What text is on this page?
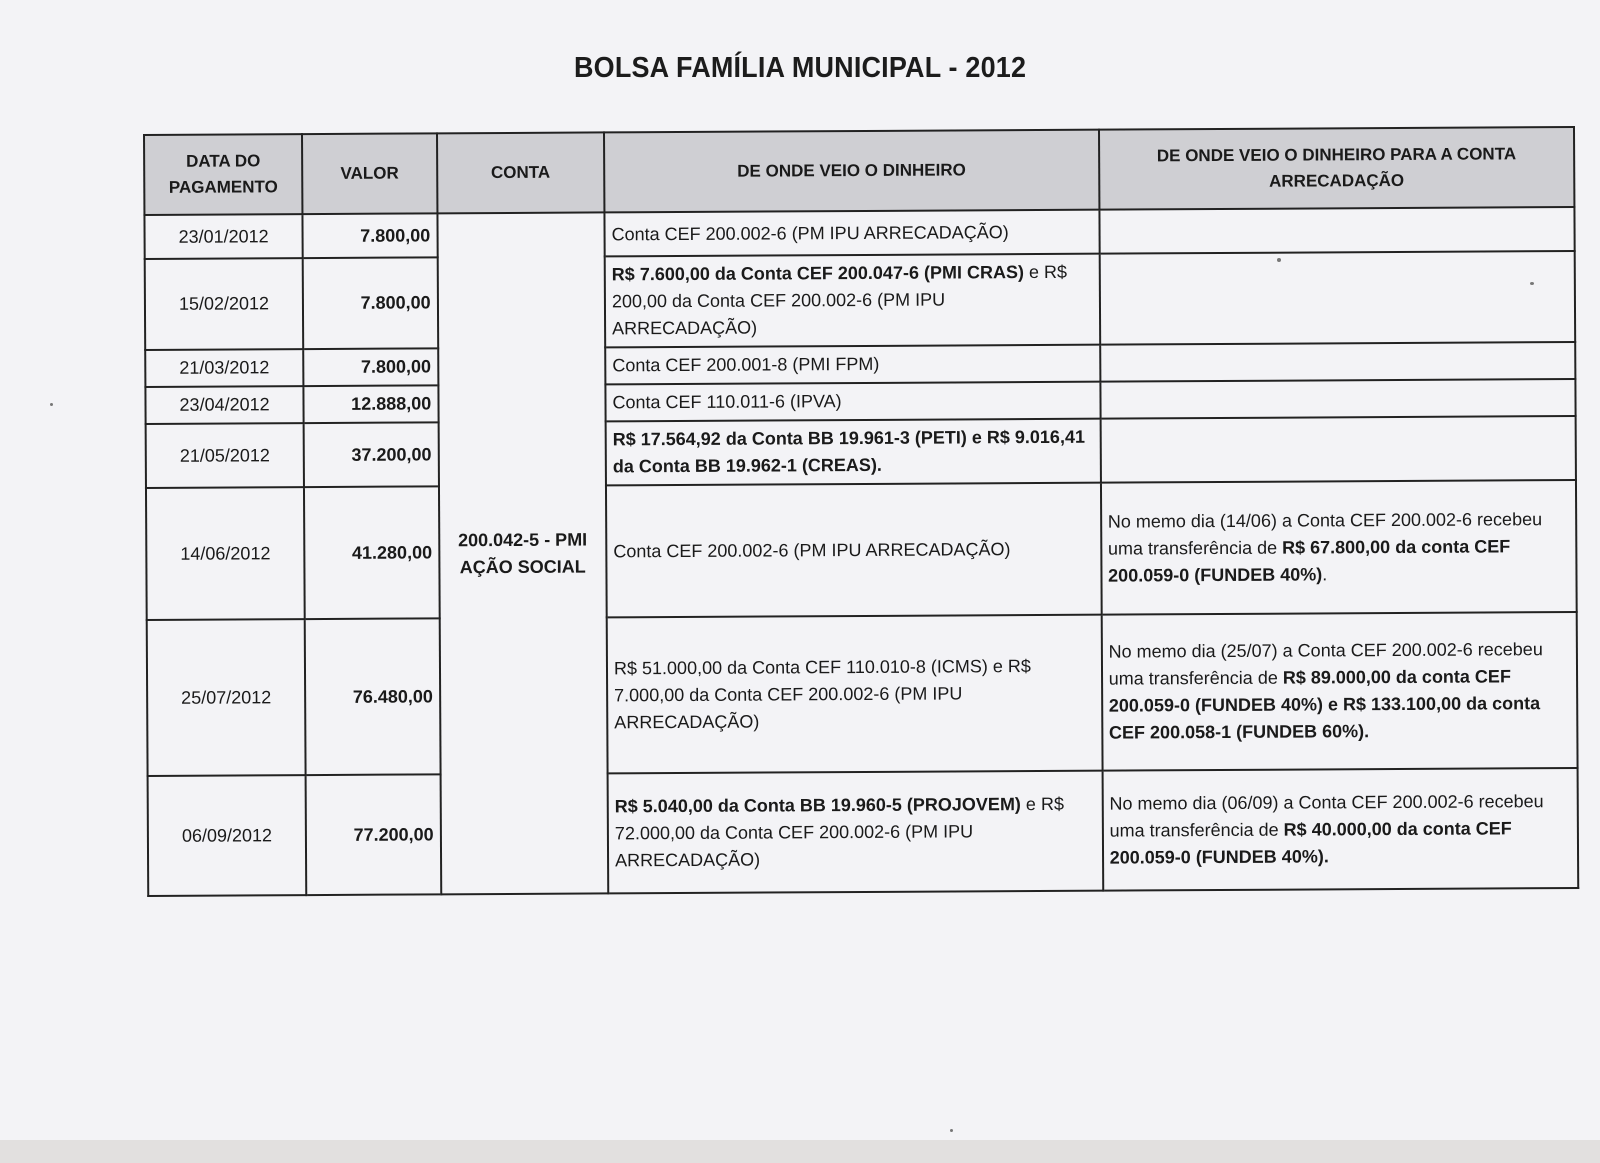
BOLSA FAMÍLIA MUNICIPAL - 2012
DATA DO PAGAMENTO	VALOR	CONTA	DE ONDE VEIO O DINHEIRO	DE ONDE VEIO O DINHEIRO PARA A CONTA ARRECADAÇÃO
23/01/2012	7.800,00	200.042-5 - PMI AÇÃO SOCIAL	Conta CEF 200.002-6 (PM IPU ARRECADAÇÃO)	
15/02/2012	7.800,00		R$ 7.600,00 da Conta CEF 200.047-6 (PMI CRAS) e R$ 200,00 da Conta CEF 200.002-6 (PM IPU ARRECADAÇÃO)	
21/03/2012	7.800,00		Conta CEF 200.001-8 (PMI FPM)	
23/04/2012	12.888,00		Conta CEF 110.011-6 (IPVA)	
21/05/2012	37.200,00		R$ 17.564,92 da Conta BB 19.961-3 (PETI) e R$ 9.016,41 da Conta BB 19.962-1 (CREAS).	
14/06/2012	41.280,00		Conta CEF 200.002-6 (PM IPU ARRECADAÇÃO)	No memo dia (14/06) a Conta CEF 200.002-6 recebeu uma transferência de R$ 67.800,00 da conta CEF 200.059-0 (FUNDEB 40%).
25/07/2012	76.480,00		R$ 51.000,00 da Conta CEF 110.010-8 (ICMS) e R$ 7.000,00 da Conta CEF 200.002-6 (PM IPU ARRECADAÇÃO)	No memo dia (25/07) a Conta CEF 200.002-6 recebeu uma transferência de R$ 89.000,00 da conta CEF 200.059-0 (FUNDEB 40%) e R$ 133.100,00 da conta CEF 200.058-1 (FUNDEB 60%).
06/09/2012	77.200,00		R$ 5.040,00 da Conta BB 19.960-5 (PROJOVEM) e R$ 72.000,00 da Conta CEF 200.002-6 (PM IPU ARRECADAÇÃO)	No memo dia (06/09) a Conta CEF 200.002-6 recebeu uma transferência de R$ 40.000,00 da conta CEF 200.059-0 (FUNDEB 40%).
